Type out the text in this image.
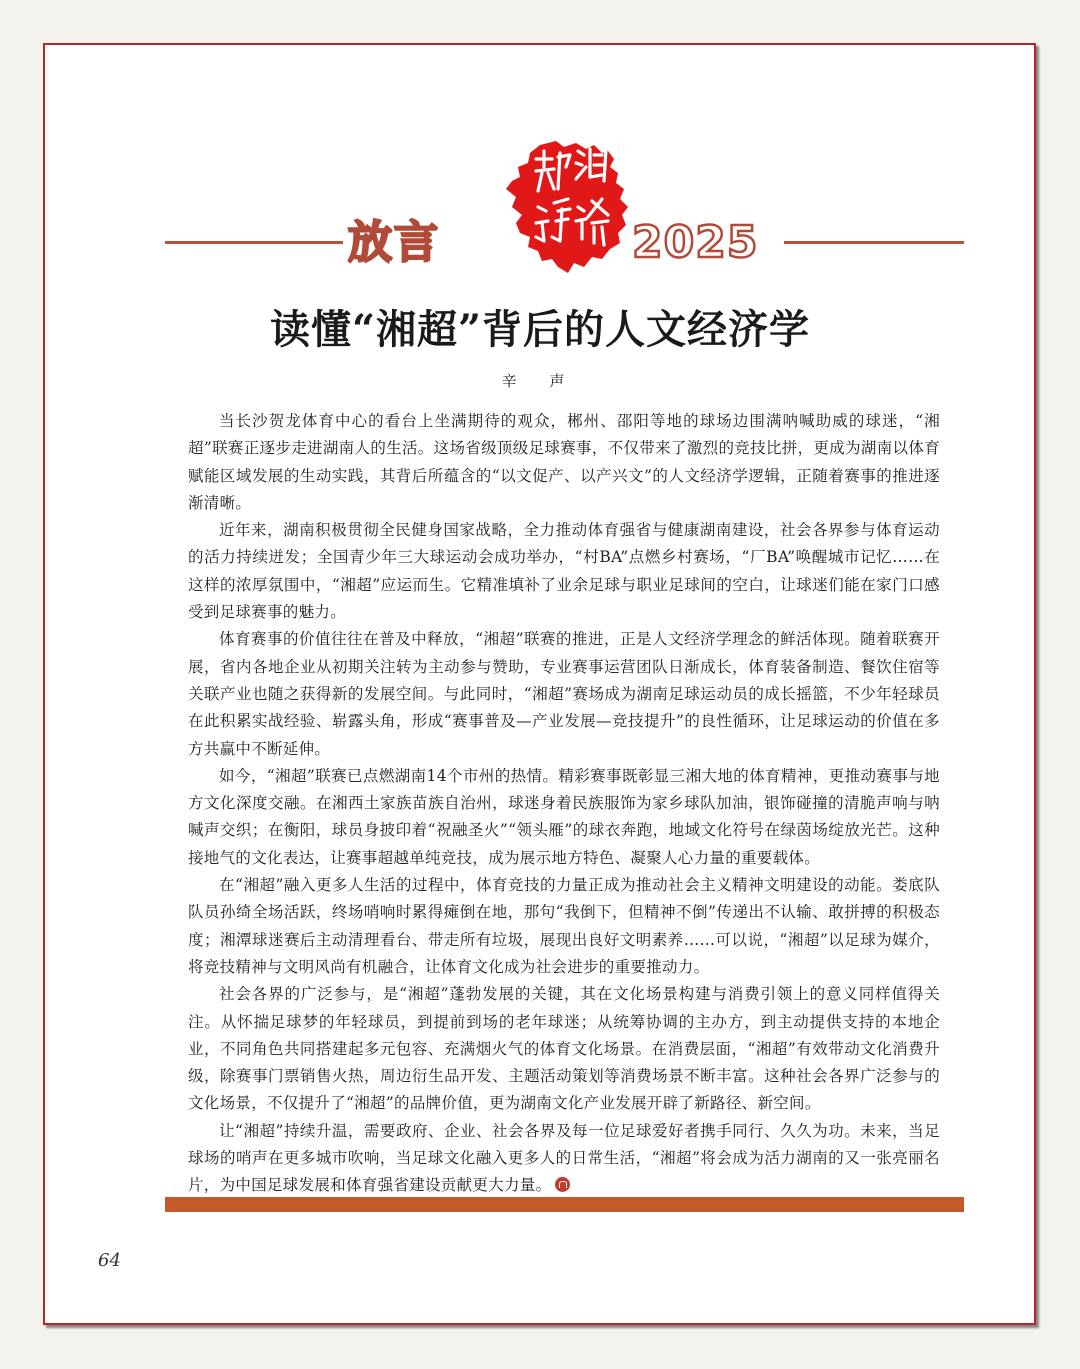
放言	2025
读懂“湘超”背后的人文经济学
辛 声

当长沙贺龙体育中心的看台上坐满期待的观众，郴州、邵阳等地的球场边围满呐喊助威的球迷，“湘超”联赛正逐步走进湖南人的生活。这场省级顶级足球赛事，不仅带来了激烈的竞技比拼，更成为湖南以体育赋能区域发展的生动实践，其背后所蕴含的“以文促产、以产兴文”的人文经济学逻辑，正随着赛事的推进逐渐清晰。

近年来，湖南积极贯彻全民健身国家战略，全力推动体育强省与健康湖南建设，社会各界参与体育运动的活力持续迸发；全国青少年三大球运动会成功举办，“村BA”点燃乡村赛场，“厂BA”唤醒城市记忆……在这样的浓厚氛围中，“湘超”应运而生。它精准填补了业余足球与职业足球间的空白，让球迷们能在家门口感受到足球赛事的魅力。

体育赛事的价值往往在普及中释放，“湘超”联赛的推进，正是人文经济学理念的鲜活体现。随着联赛开展，省内各地企业从初期关注转为主动参与赞助，专业赛事运营团队日渐成长，体育装备制造、餐饮住宿等关联产业也随之获得新的发展空间。与此同时，“湘超”赛场成为湖南足球运动员的成长摇篮，不少年轻球员在此积累实战经验、崭露头角，形成“赛事普及—产业发展—竞技提升”的良性循环，让足球运动的价值在多方共赢中不断延伸。

如今，“湘超”联赛已点燃湖南14个市州的热情。精彩赛事既彰显三湘大地的体育精神，更推动赛事与地方文化深度交融。在湘西土家族苗族自治州，球迷身着民族服饰为家乡球队加油，银饰碰撞的清脆声响与呐喊声交织；在衡阳，球员身披印着“祝融圣火”“领头雁”的球衣奔跑，地域文化符号在绿茵场绽放光芒。这种接地气的文化表达，让赛事超越单纯竞技，成为展示地方特色、凝聚人心力量的重要载体。

在“湘超”融入更多人生活的过程中，体育竞技的力量正成为推动社会主义精神文明建设的动能。娄底队队员孙绮全场活跃，终场哨响时累得瘫倒在地，那句“我倒下，但精神不倒”传递出不认输、敢拼搏的积极态度；湘潭球迷赛后主动清理看台、带走所有垃圾，展现出良好文明素养……可以说，“湘超”以足球为媒介，将竞技精神与文明风尚有机融合，让体育文化成为社会进步的重要推动力。

社会各界的广泛参与，是“湘超”蓬勃发展的关键，其在文化场景构建与消费引领上的意义同样值得关注。从怀揣足球梦的年轻球员，到提前到场的老年球迷；从统筹协调的主办方，到主动提供支持的本地企业，不同角色共同搭建起多元包容、充满烟火气的体育文化场景。在消费层面，“湘超”有效带动文化消费升级，除赛事门票销售火热，周边衍生品开发、主题活动策划等消费场景不断丰富。这种社会各界广泛参与的文化场景，不仅提升了“湘超”的品牌价值，更为湖南文化产业发展开辟了新路径、新空间。

让“湘超”持续升温，需要政府、企业、社会各界及每一位足球爱好者携手同行、久久为功。未来，当足球场的哨声在更多城市吹响，当足球文化融入更多人的日常生活，“湘超”将会成为活力湖南的又一张亮丽名片，为中国足球发展和体育强省建设贡献更大力量。

64
